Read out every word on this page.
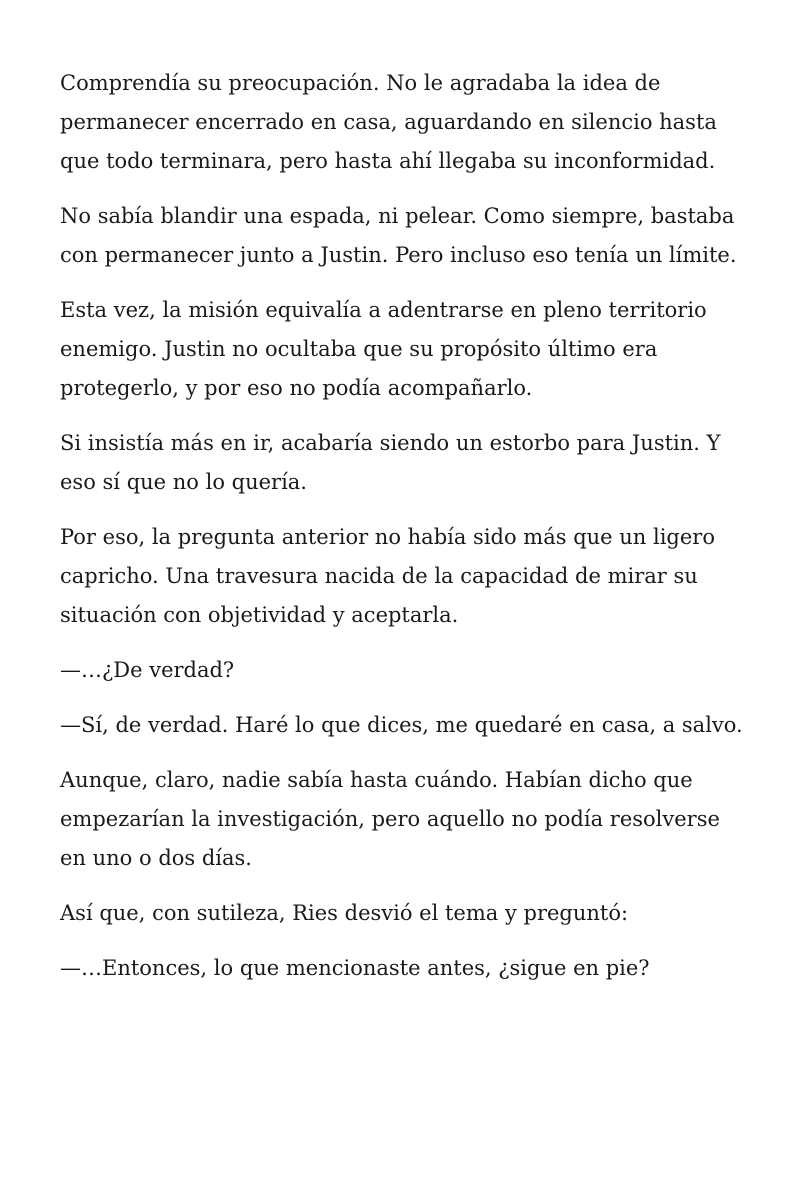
Comprendía su preocupación. No le agradaba la idea de permanecer encerrado en casa, aguardando en silencio hasta que todo terminara, pero hasta ahí llegaba su inconformidad.

No sabía blandir una espada, ni pelear. Como siempre, bastaba con permanecer junto a Justin. Pero incluso eso tenía un límite.

Esta vez, la misión equivalía a adentrarse en pleno territorio enemigo. Justin no ocultaba que su propósito último era protegerlo, y por eso no podía acompañarlo.

Si insistía más en ir, acabaría siendo un estorbo para Justin. Y eso sí que no lo quería.

Por eso, la pregunta anterior no había sido más que un ligero capricho. Una travesura nacida de la capacidad de mirar su situación con objetividad y aceptarla.

—…¿De verdad?

—Sí, de verdad. Haré lo que dices, me quedaré en casa, a salvo.

Aunque, claro, nadie sabía hasta cuándo. Habían dicho que empezarían la investigación, pero aquello no podía resolverse en uno o dos días.

Así que, con sutileza, Ries desvió el tema y preguntó:

—…Entonces, lo que mencionaste antes, ¿sigue en pie?
